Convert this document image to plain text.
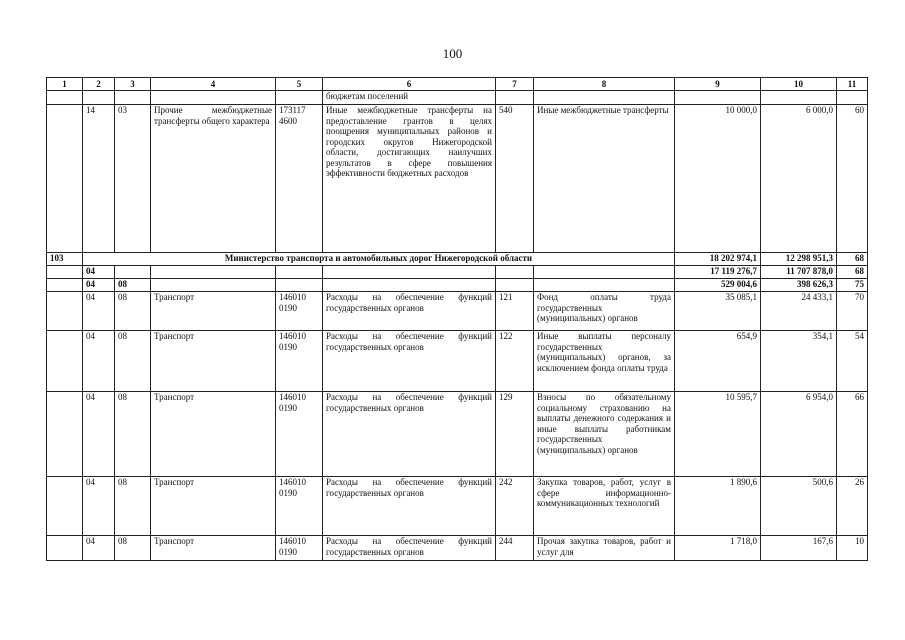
100
1	2	3	4	5	6	7	8	9	10	11
					бюджетам поселений					
	14	03	Прочие межбюджетные трансферты общего характера	173117 4600	Иные межбюджетные трансферты на предоставление грантов в целях поощрения муниципальных районов и городских округов Нижегородской области, достигающих наилучших результатов в сфере повышения эффективности бюджетных расходов	540	Иные межбюджетные трансферты	10 000,0	6 000,0	60
103	Министерство транспорта и автомобильных дорог Нижегородской области							18 202 974,1	12 298 951,3	68
	04							17 119 276,7	11 707 878,0	68
	04	08						529 004,6	398 626,3	75
	04	08	Транспорт	146010 0190	Расходы на обеспечение функций государственных органов	121	Фонд оплаты труда государственных (муниципальных) органов	35 085,1	24 433,1	70
	04	08	Транспорт	146010 0190	Расходы на обеспечение функций государственных органов	122	Иные выплаты персоналу государственных (муниципальных) органов, за исключением фонда оплаты труда	654,9	354,1	54
	04	08	Транспорт	146010 0190	Расходы на обеспечение функций государственных органов	129	Взносы по обязательному социальному страхованию на выплаты денежного содержания и иные выплаты работникам государственных (муниципальных) органов	10 595,7	6 954,0	66
	04	08	Транспорт	146010 0190	Расходы на обеспечение функций государственных органов	242	Закупка товаров, работ, услуг в сфере информационно-коммуникационных технологий	1 890,6	500,6	26
	04	08	Транспорт	146010 0190	Расходы на обеспечение функций государственных органов	244	Прочая закупка товаров, работ и услуг для	1 718,0	167,6	10
